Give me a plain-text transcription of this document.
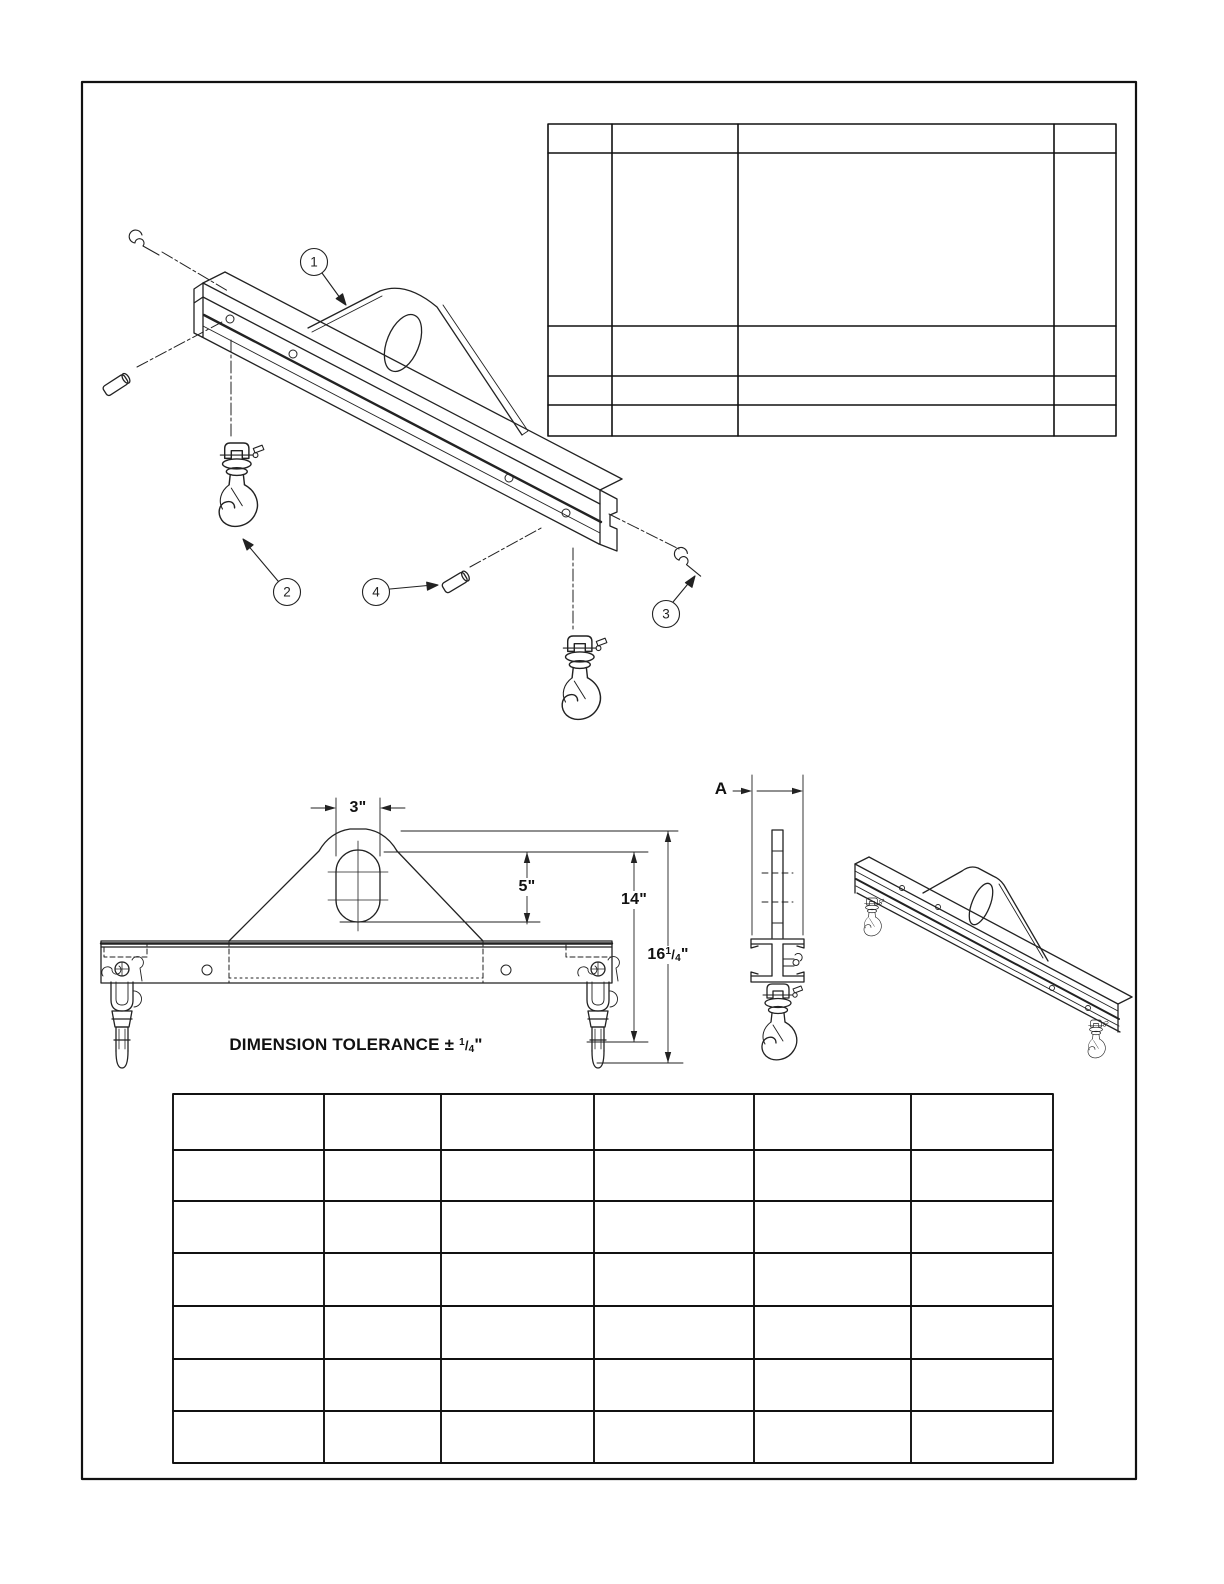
1
2
3
4
3"
5"
14"
$16^1/_4$"
A
DIMENSION TOLERANCE ± $^1/_4$"
